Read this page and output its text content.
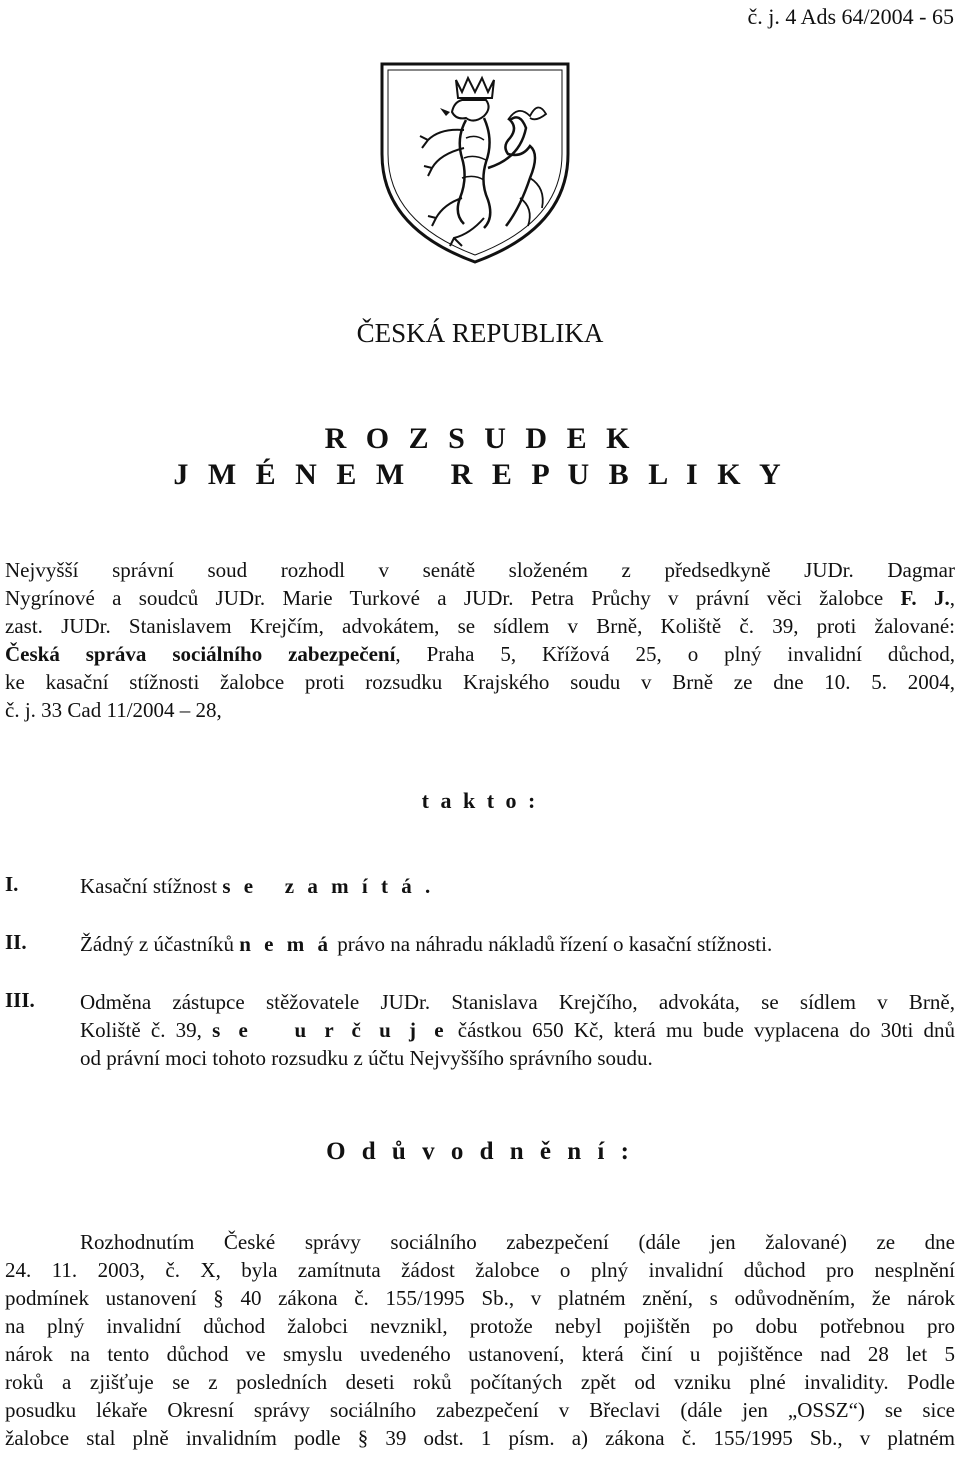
č. j. 4 Ads 64/2004 - 65
ČESKÁ REPUBLIKA
R O Z S U D E K
J M É N E M   R E P U B L I K Y
Nejvyšší správní soud rozhodl v senátě složeném z předsedkyně JUDr. Dagmar
Nygrínové a soudců JUDr. Marie Turkové a JUDr. Petra Průchy v právní věci žalobce F. J.,
zast. JUDr. Stanislavem Krejčím, advokátem, se sídlem v Brně, Koliště č. 39, proti žalované:
Česká správa sociálního zabezpečení, Praha 5, Křížová 25, o plný invalidní důchod,
ke kasační stížnosti žalobce proti rozsudku Krajského soudu v Brně ze dne 10. 5. 2004,
č. j. 33 Cad 11/2004 – 28,
t a k t o :
I.	Kasační stížnost s e   z a m í t á .
II.	Žádný z účastníků n e m á právo na náhradu nákladů řízení o kasační stížnosti.
III. Odměna zástupce stěžovatele JUDr. Stanislava Krejčího, advokáta, se sídlem v Brně,
Koliště č. 39, s e   u r č u j e částkou 650 Kč, která mu bude vyplacena do 30ti dnů
od právní moci tohoto rozsudku z účtu Nejvyššího správního soudu.
O d ů v o d n ě n í :
Rozhodnutím České správy sociálního zabezpečení (dále jen žalované) ze dne
24. 11. 2003, č. X, byla zamítnuta žádost žalobce o plný invalidní důchod pro nesplnění
podmínek ustanovení § 40 zákona č. 155/1995 Sb., v platném znění, s odůvodněním, že nárok
na plný invalidní důchod žalobci nevznikl, protože nebyl pojištěn po dobu potřebnou pro
nárok na tento důchod ve smyslu uvedeného ustanovení, která činí u pojištěnce nad 28 let 5
roků a zjišťuje se z posledních deseti roků počítaných zpět od vzniku plné invalidity. Podle
posudku lékaře Okresní správy sociálního zabezpečení v Břeclavi (dále jen „OSSZ“) se sice
žalobce stal plně invalidním podle § 39 odst. 1 písm. a) zákona č. 155/1995 Sb., v platném
